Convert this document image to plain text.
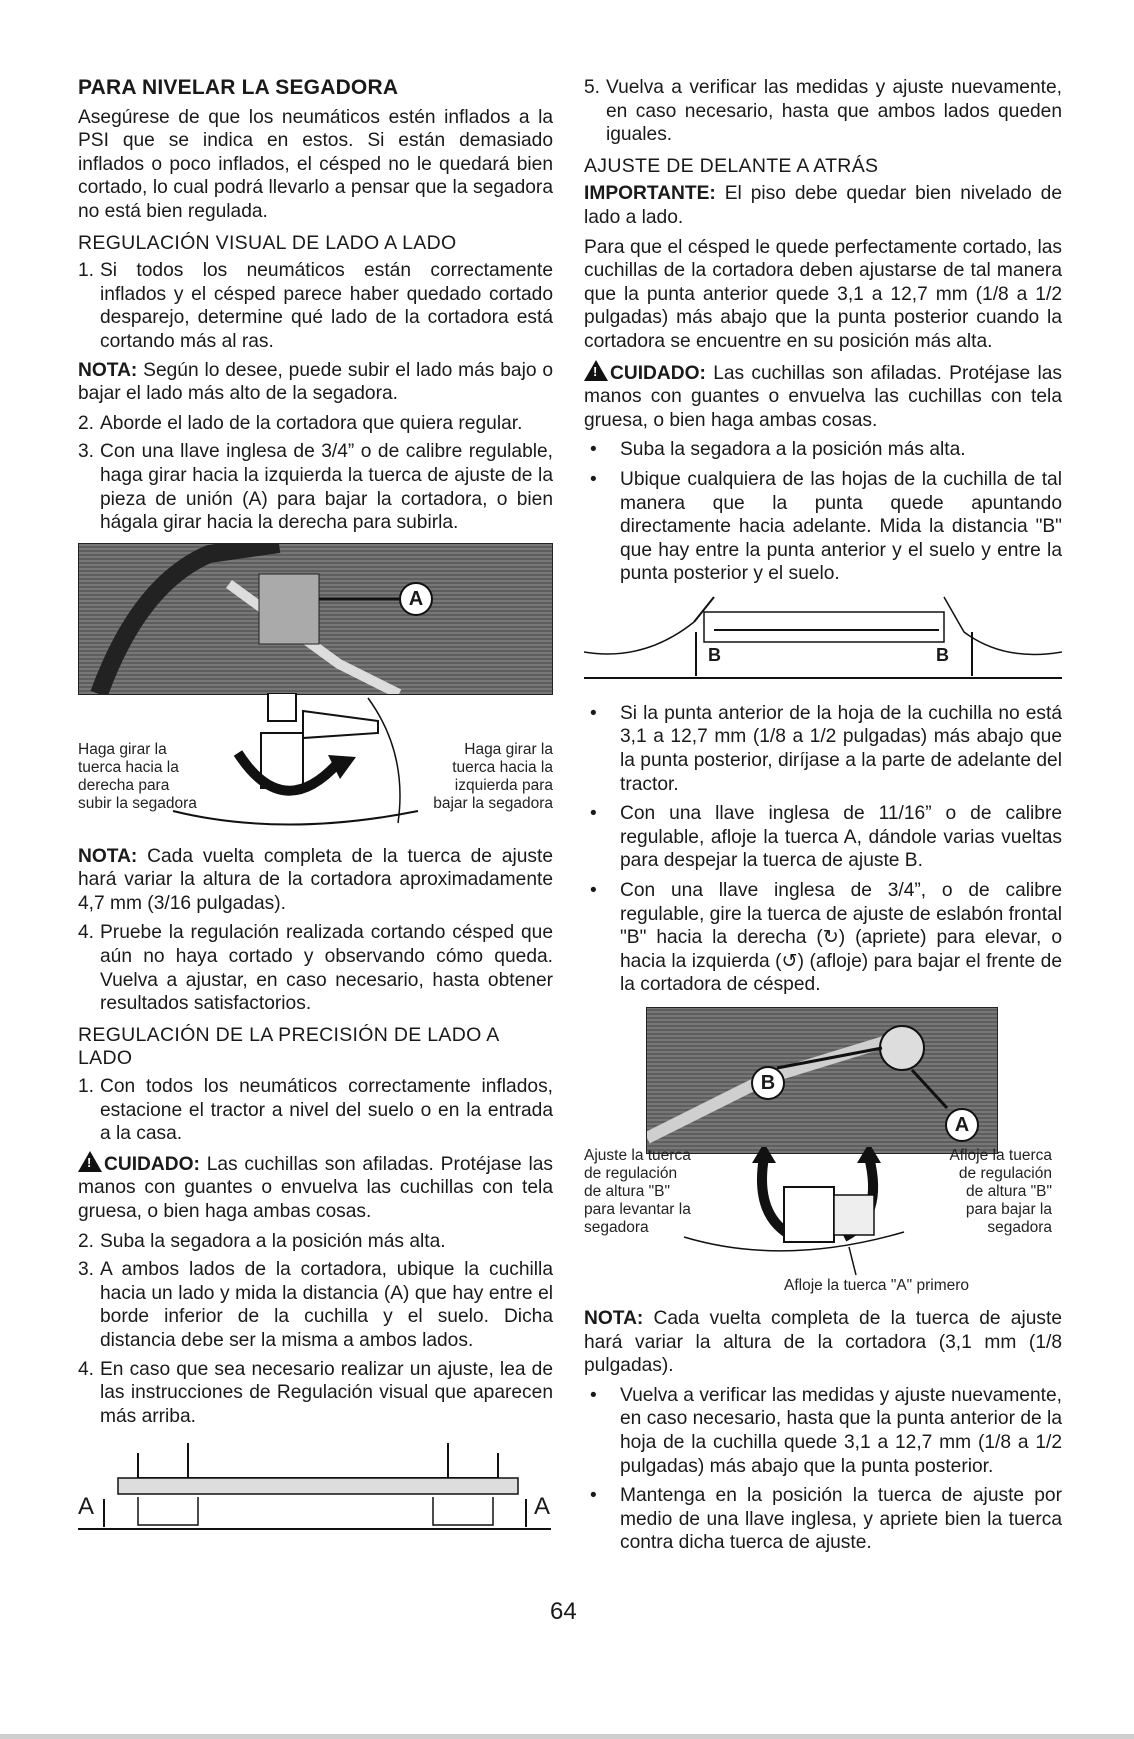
PARA NIVELAR LA SEGADORA

Asegúrese de que los neumáticos estén inflados a la PSI que se indica en estos. Si están demasiado inflados o poco inflados, el césped no le quedará bien cortado, lo cual podrá llevarlo a pensar que la segadora no está bien regulada.

REGULACIÓN VISUAL DE LADO A LADO
1. Si todos los neumáticos están correctamente inflados y el césped parece haber quedado cortado desparejo, determine qué lado de la cortadora está cortando más al ras.

NOTA: Según lo desee, puede subir el lado más bajo o bajar el lado más alto de la segadora.

2. Aborde el lado de la cortadora que quiera regular.
3. Con una llave inglesa de 3/4” o de calibre regulable, haga girar hacia la izquierda la tuerca de ajuste de la pieza de unión (A) para bajar la cortadora, o bien hágala girar hacia la derecha para subirla.
A
Haga girar la tuerca hacia la derecha para subir la segadora
Haga girar la tuerca hacia la izquierda para bajar la segadora

NOTA: Cada vuelta completa de la tuerca de ajuste hará variar la altura de la cortadora aproximadamente 4,7 mm (3/16 pulgadas).

4. Pruebe la regulación realizada cortando césped que aún no haya cortado y observando cómo queda. Vuelva a ajustar, en caso necesario, hasta obtener resultados satisfactorios.
REGULACIÓN DE LA PRECISIÓN DE LADO A LADO
1. Con todos los neumáticos correctamente inflados, estacione el tractor a nivel del suelo o en la entrada a la casa.

!CUIDADO: Las cuchillas son afiladas. Protéjase las manos con guantes o envuelva las cuchillas con tela gruesa, o bien haga ambas cosas.

2. Suba la segadora a la posición más alta.
3. A ambos lados de la cortadora, ubique la cuchilla hacia un lado y mida la distancia (A) que hay entre el borde inferior de la cuchilla y el suelo. Dicha distancia debe ser la misma a ambos lados.
4. En caso que sea necesario realizar un ajuste, lea de las instrucciones de Regulación visual que aparecen más arriba.
A	A
5. Vuelva a verificar las medidas y ajuste nuevamente, en caso necesario, hasta que ambos lados queden iguales.
AJUSTE DE DELANTE A ATRÁS

IMPORTANTE: El piso debe quedar bien nivelado de lado a lado.

Para que el césped le quede perfectamente cortado, las cuchillas de la cortadora deben ajustarse de tal manera que la punta anterior quede 3,1 a 12,7 mm (1/8 a 1/2 pulgadas) más abajo que la punta posterior cuando la cortadora se encuentre en su posición más alta.

!CUIDADO: Las cuchillas son afiladas. Protéjase las manos con guantes o envuelva las cuchillas con tela gruesa, o bien haga ambas cosas.

•	Suba la segadora a la posición más alta.
•	Ubique cualquiera de las hojas de la cuchilla de tal manera que la punta quede apuntando directamente hacia adelante. Mida la distancia "B" que hay entre la punta anterior y el suelo y entre la punta posterior y el suelo.
B	B
•	Si la punta anterior de la hoja de la cuchilla no está 3,1 a 12,7 mm (1/8 a 1/2 pulgadas) más abajo que la punta posterior, diríjase a la parte de adelante del tractor.
•	Con una llave inglesa de 11/16” o de calibre regulable, afloje la tuerca A, dándole varias vueltas para despejar la tuerca de ajuste B.
•	Con una llave inglesa de 3/4”, o de calibre regulable, gire la tuerca de ajuste de eslabón frontal "B" hacia la derecha (↻) (apriete) para elevar, o hacia la izquierda (↺) (afloje) para bajar el frente de la cortadora de césped.
B
A
Ajuste la tuerca de regulación de altura "B" para levantar la segadora
Afloje la tuerca de regulación de altura "B" para bajar la segadora
Afloje la tuerca "A" primero

NOTA: Cada vuelta completa de la tuerca de ajuste hará variar la altura de la cortadora (3,1 mm (1/8 pulgadas).

•	Vuelva a verificar las medidas y ajuste nuevamente, en caso necesario, hasta que la punta anterior de la hoja de la cuchilla quede 3,1 a 12,7 mm (1/8 a 1/2 pulgadas) más abajo que la punta posterior.
•	Mantenga en la posición la tuerca de ajuste por medio de una llave inglesa, y apriete bien la tuerca contra dicha tuerca de ajuste.
64
